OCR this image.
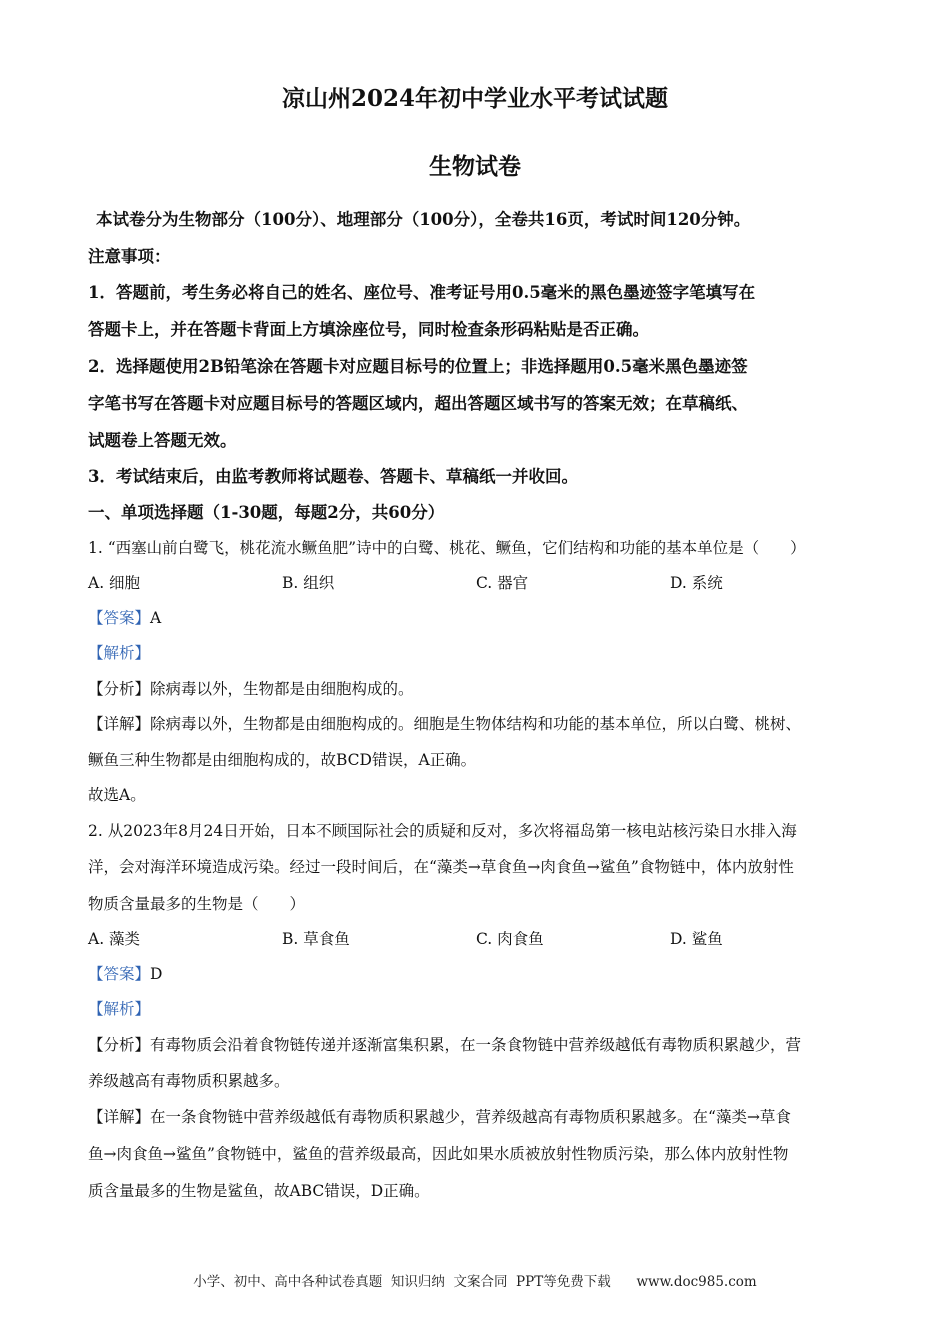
凉山州2024年初中学业水平考试试题
生物试卷
本试卷分为生物部分（100分）、地理部分（100分），全卷共16页，考试时间120分钟。
注意事项：
1．答题前，考生务必将自己的姓名、座位号、准考证号用0.5毫米的黑色墨迹签字笔填写在
答题卡上，并在答题卡背面上方填涂座位号，同时检查条形码粘贴是否正确。
2．选择题使用2B铅笔涂在答题卡对应题目标号的位置上；非选择题用0.5毫米黑色墨迹签
字笔书写在答题卡对应题目标号的答题区域内，超出答题区域书写的答案无效；在草稿纸、
试题卷上答题无效。
3．考试结束后，由监考教师将试题卷、答题卡、草稿纸一并收回。
一、单项选择题（1-30题，每题2分，共60分）
1. “西塞山前白鹭飞，桃花流水鳜鱼肥”诗中的白鹭、桃花、鳜鱼，它们结构和功能的基本单位是（　　）
A. 细胞	B. 组织	C. 器官	D. 系统
【答案】A
【解析】
【分析】除病毒以外，生物都是由细胞构成的。
【详解】除病毒以外，生物都是由细胞构成的。细胞是生物体结构和功能的基本单位，所以白鹭、桃树、
鳜鱼三种生物都是由细胞构成的，故BCD错误，A正确。
故选A。
2. 从2023年8月24日开始，日本不顾国际社会的质疑和反对，多次将福岛第一核电站核污染日水排入海
洋，会对海洋环境造成污染。经过一段时间后，在“藻类→草食鱼→肉食鱼→鲨鱼”食物链中，体内放射性
物质含量最多的生物是（　　）
A. 藻类	B. 草食鱼	C. 肉食鱼	D. 鲨鱼
【答案】D
【解析】
【分析】有毒物质会沿着食物链传递并逐渐富集积累，在一条食物链中营养级越低有毒物质积累越少，营
养级越高有毒物质积累越多。
【详解】在一条食物链中营养级越低有毒物质积累越少，营养级越高有毒物质积累越多。在“藻类→草食
鱼→肉食鱼→鲨鱼”食物链中，鲨鱼的营养级最高，因此如果水质被放射性物质污染，那么体内放射性物
质含量最多的生物是鲨鱼，故ABC错误，D正确。
小学、初中、高中各种试卷真题  知识归纳  文案合同  PPT等免费下载      www.doc985.com
